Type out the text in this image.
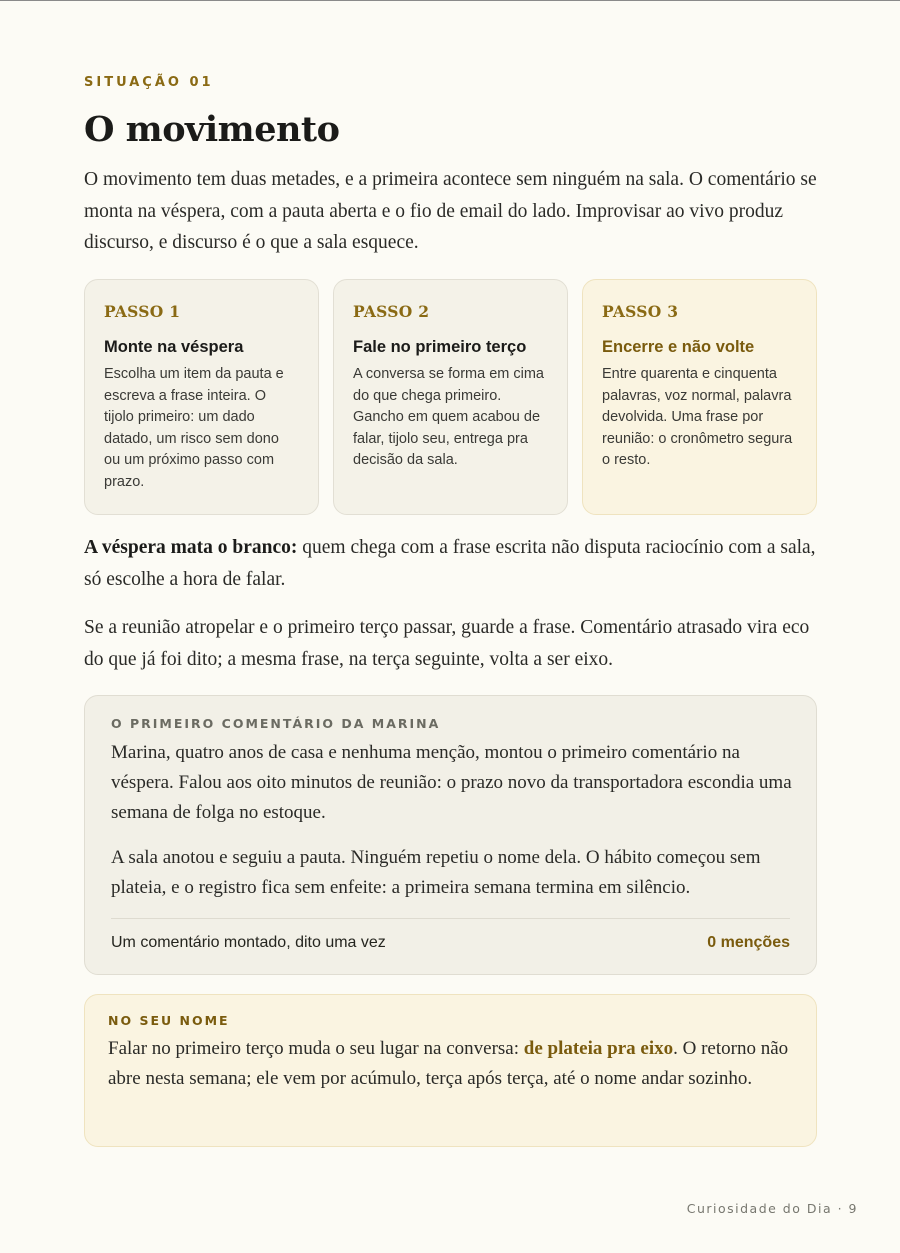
SITUAÇÃO 01
O movimento

O movimento tem duas metades, e a primeira acontece sem ninguém na sala. O comentário se monta na véspera, com a pauta aberta e o fio de email do lado. Improvisar ao vivo produz discurso, e discurso é o que a sala esquece.

PASSO 1
Monte na véspera
Escolha um item da pauta e escreva a frase inteira. O tijolo primeiro: um dado datado, um risco sem dono ou um próximo passo com prazo.
PASSO 2
Fale no primeiro terço
A conversa se forma em cima do que chega primeiro. Gancho em quem acabou de falar, tijolo seu, entrega pra decisão da sala.
PASSO 3
Encerre e não volte
Entre quarenta e cinquenta palavras, voz normal, palavra devolvida. Uma frase por reunião: o cronômetro segura o resto.

A véspera mata o branco: quem chega com a frase escrita não disputa raciocínio com a sala, só escolhe a hora de falar.

Se a reunião atropelar e o primeiro terço passar, guarde a frase. Comentário atrasado vira eco do que já foi dito; a mesma frase, na terça seguinte, volta a ser eixo.

O PRIMEIRO COMENTÁRIO DA MARINA

Marina, quatro anos de casa e nenhuma menção, montou o primeiro comentário na véspera. Falou aos oito minutos de reunião: o prazo novo da transportadora escondia uma semana de folga no estoque.

A sala anotou e seguiu a pauta. Ninguém repetiu o nome dela. O hábito começou sem plateia, e o registro fica sem enfeite: a primeira semana termina em silêncio.

Um comentário montado, dito uma vez	0 menções
NO SEU NOME

Falar no primeiro terço muda o seu lugar na conversa: de plateia pra eixo. O retorno não abre nesta semana; ele vem por acúmulo, terça após terça, até o nome andar sozinho.

Curiosidade do Dia · 9
